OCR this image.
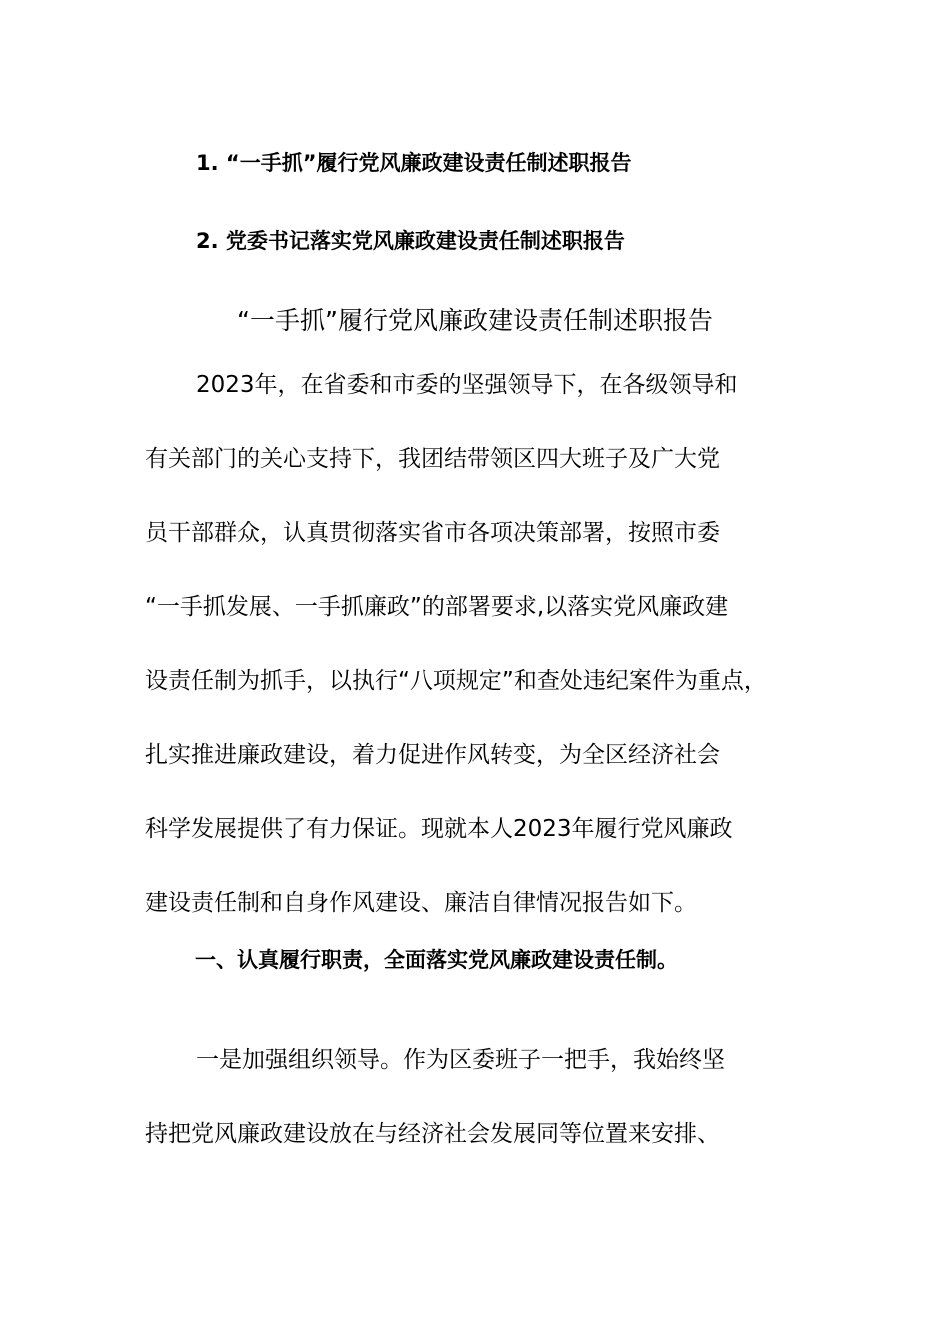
1. “一手抓”履行党风廉政建设责任制述职报告
2. 党委书记落实党风廉政建设责任制述职报告
“一手抓”履行党风廉政建设责任制述职报告
2023年，在省委和市委的坚强领导下，在各级领导和
有关部门的关心支持下，我团结带领区四大班子及广大党
员干部群众，认真贯彻落实省市各项决策部署，按照市委
“一手抓发展、一手抓廉政”的部署要求,以落实党风廉政建
设责任制为抓手，以执行“八项规定”和查处违纪案件为重点，
扎实推进廉政建设，着力促进作风转变，为全区经济社会
科学发展提供了有力保证。现就本人2023年履行党风廉政
建设责任制和自身作风建设、廉洁自律情况报告如下。
一、认真履行职责，全面落实党风廉政建设责任制。
一是加强组织领导。作为区委班子一把手，我始终坚
持把党风廉政建设放在与经济社会发展同等位置来安排、
